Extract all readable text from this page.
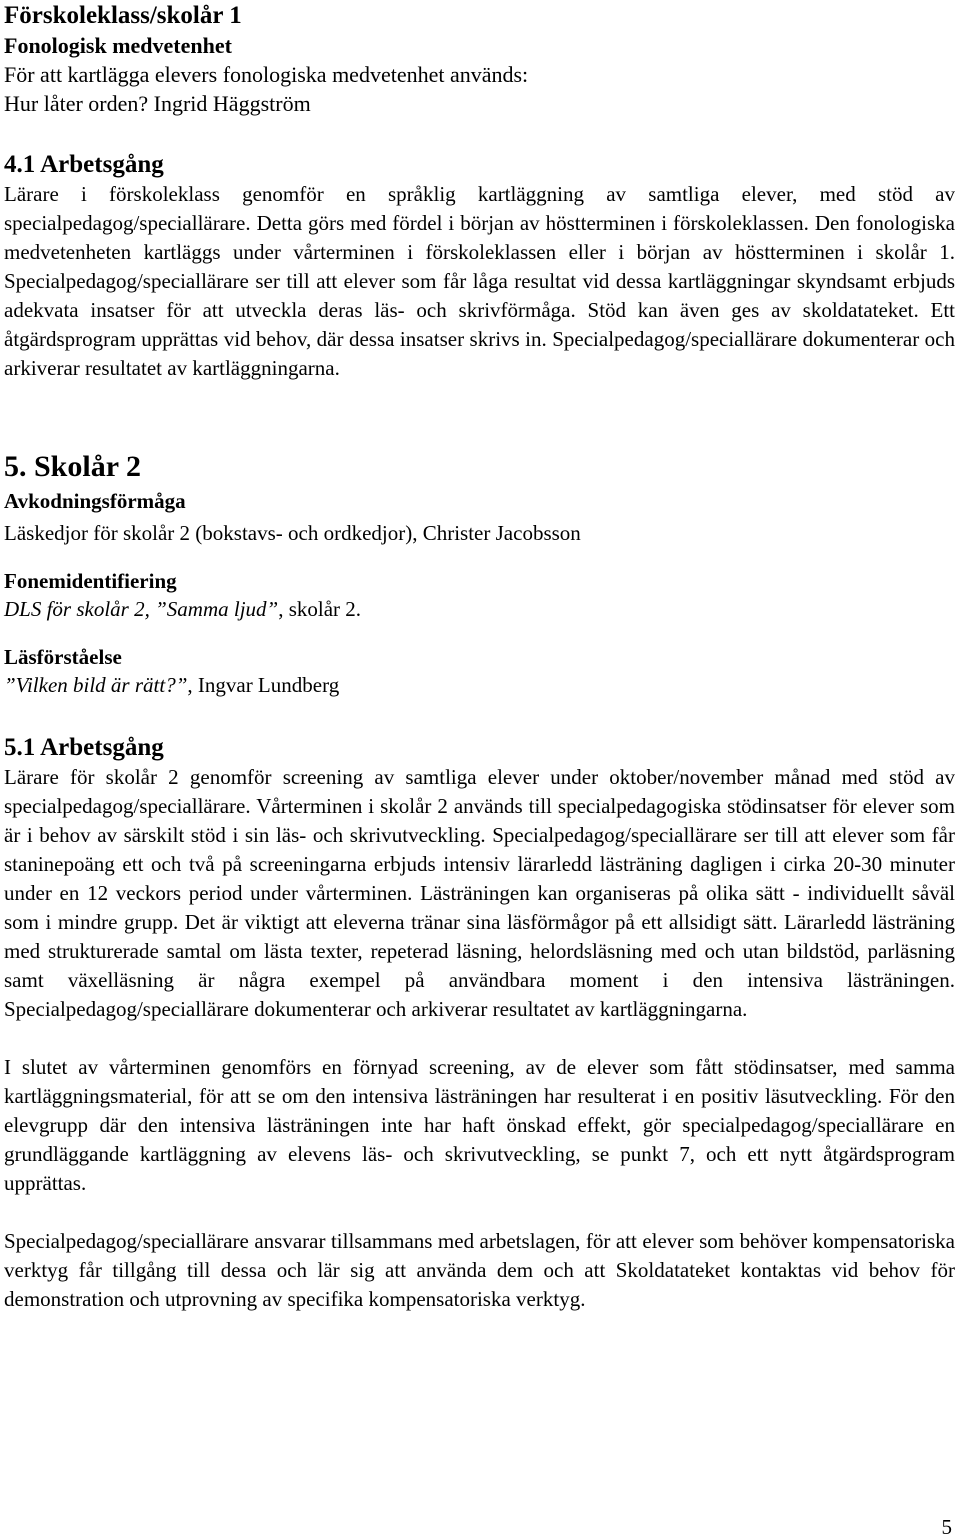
Förskoleklass/skolår 1

Fonologisk medvetenhet

För att kartlägga elevers fonologiska medvetenhet används:

Hur låter orden? Ingrid Häggström

4.1 Arbetsgång

Lärare i förskoleklass genomför en språklig kartläggning av samtliga elever, med stöd av specialpedagog/speciallärare. Detta görs med fördel i början av höstterminen i förskoleklassen. Den fonologiska medvetenheten kartläggs under vårterminen i förskoleklassen eller i början av höstterminen i skolår 1. Specialpedagog/speciallärare ser till att elever som får låga resultat vid dessa kartläggningar skyndsamt erbjuds adekvata insatser för att utveckla deras läs- och skrivförmåga. Stöd kan även ges av skoldatateket. Ett åtgärdsprogram upprättas vid behov, där dessa insatser skrivs in. Specialpedagog/speciallärare dokumenterar och arkiverar resultatet av kartläggningarna.

5. Skolår 2

Avkodningsförmåga

Läskedjor för skolår 2 (bokstavs- och ordkedjor), Christer Jacobsson

Fonemidentifiering

DLS för skolår 2, ”Samma ljud”, skolår 2.

Läsförståelse

”Vilken bild är rätt?”, Ingvar Lundberg

5.1 Arbetsgång

Lärare för skolår 2 genomför screening av samtliga elever under oktober/november månad med stöd av specialpedagog/speciallärare. Vårterminen i skolår 2 används till specialpedagogiska stödinsatser för elever som är i behov av särskilt stöd i sin läs- och skrivutveckling. Specialpedagog/speciallärare ser till att elever som får staninepoäng ett och två på screeningarna erbjuds intensiv lärarledd lästräning dagligen i cirka 20-30 minuter under en 12 veckors period under vårterminen. Lästräningen kan organiseras på olika sätt - individuellt såväl som i mindre grupp. Det är viktigt att eleverna tränar sina läsförmågor på ett allsidigt sätt. Lärarledd lästräning med strukturerade samtal om lästa texter, repeterad läsning, helordsläsning med och utan bildstöd, parläsning samt växelläsning är några exempel på användbara moment i den intensiva lästräningen. Specialpedagog/speciallärare dokumenterar och arkiverar resultatet av kartläggningarna.

I slutet av vårterminen genomförs en förnyad screening, av de elever som fått stödinsatser, med samma kartläggningsmaterial, för att se om den intensiva lästräningen har resulterat i en positiv läsutveckling. För den elevgrupp där den intensiva lästräningen inte har haft önskad effekt, gör specialpedagog/speciallärare en grundläggande kartläggning av elevens läs- och skrivutveckling, se punkt 7, och ett nytt åtgärdsprogram upprättas.

Specialpedagog/speciallärare ansvarar tillsammans med arbetslagen, för att elever som behöver kompensatoriska verktyg får tillgång till dessa och lär sig att använda dem och att Skoldatateket kontaktas vid behov för demonstration och utprovning av specifika kompensatoriska verktyg.

5
